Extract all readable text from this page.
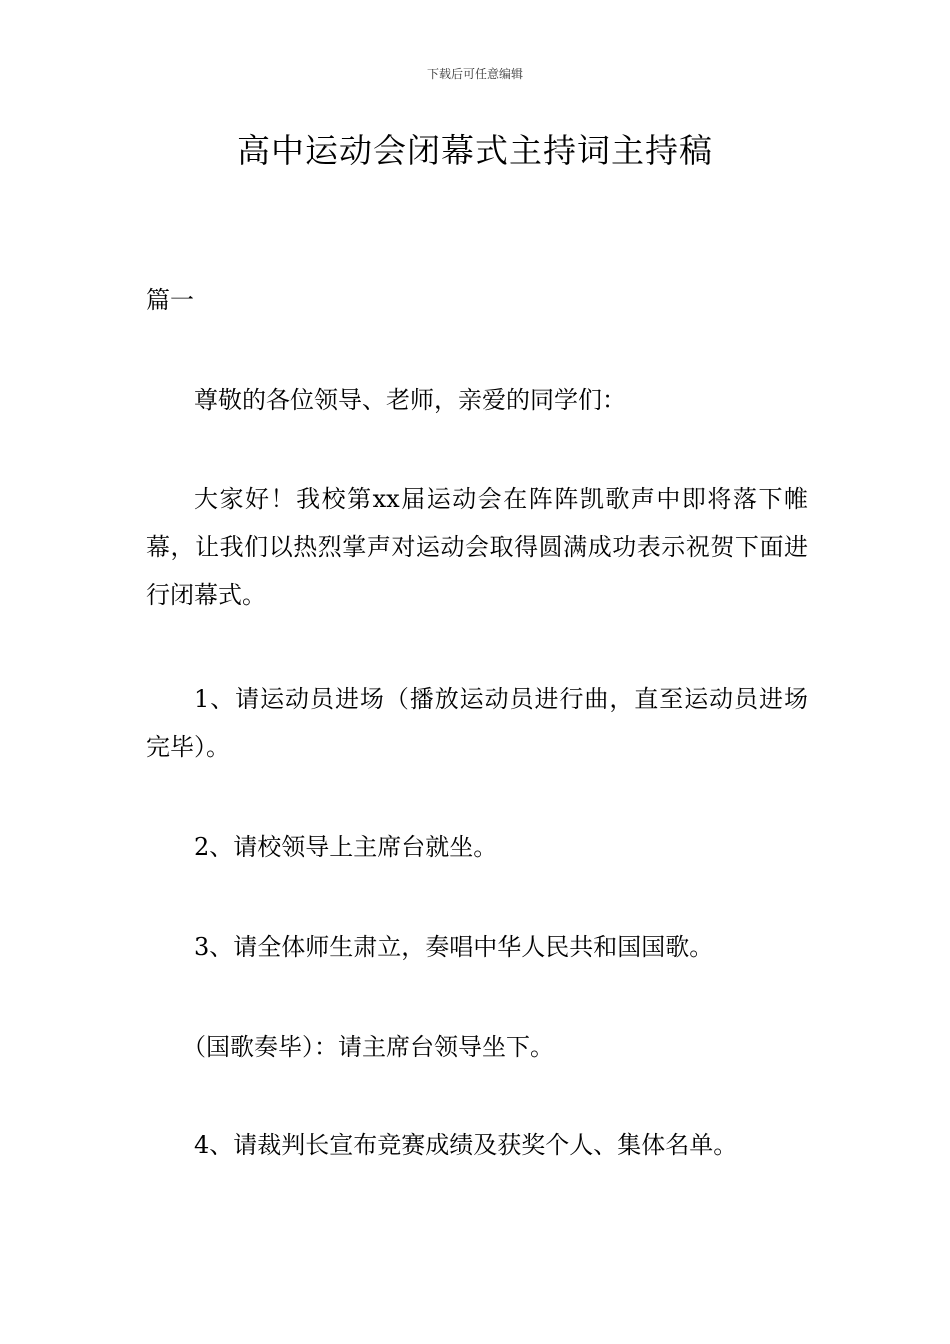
下载后可任意编辑
高中运动会闭幕式主持词主持稿
篇一

尊敬的各位领导、老师，亲爱的同学们：

大家好！我校第xx届运动会在阵阵凯歌声中即将落下帷幕，让我们以热烈掌声对运动会取得圆满成功表示祝贺下面进行闭幕式。

1、请运动员进场（播放运动员进行曲，直至运动员进场完毕）。

2、请校领导上主席台就坐。

3、请全体师生肃立，奏唱中华人民共和国国歌。

（国歌奏毕）：请主席台领导坐下。

4、请裁判长宣布竞赛成绩及获奖个人、集体名单。
